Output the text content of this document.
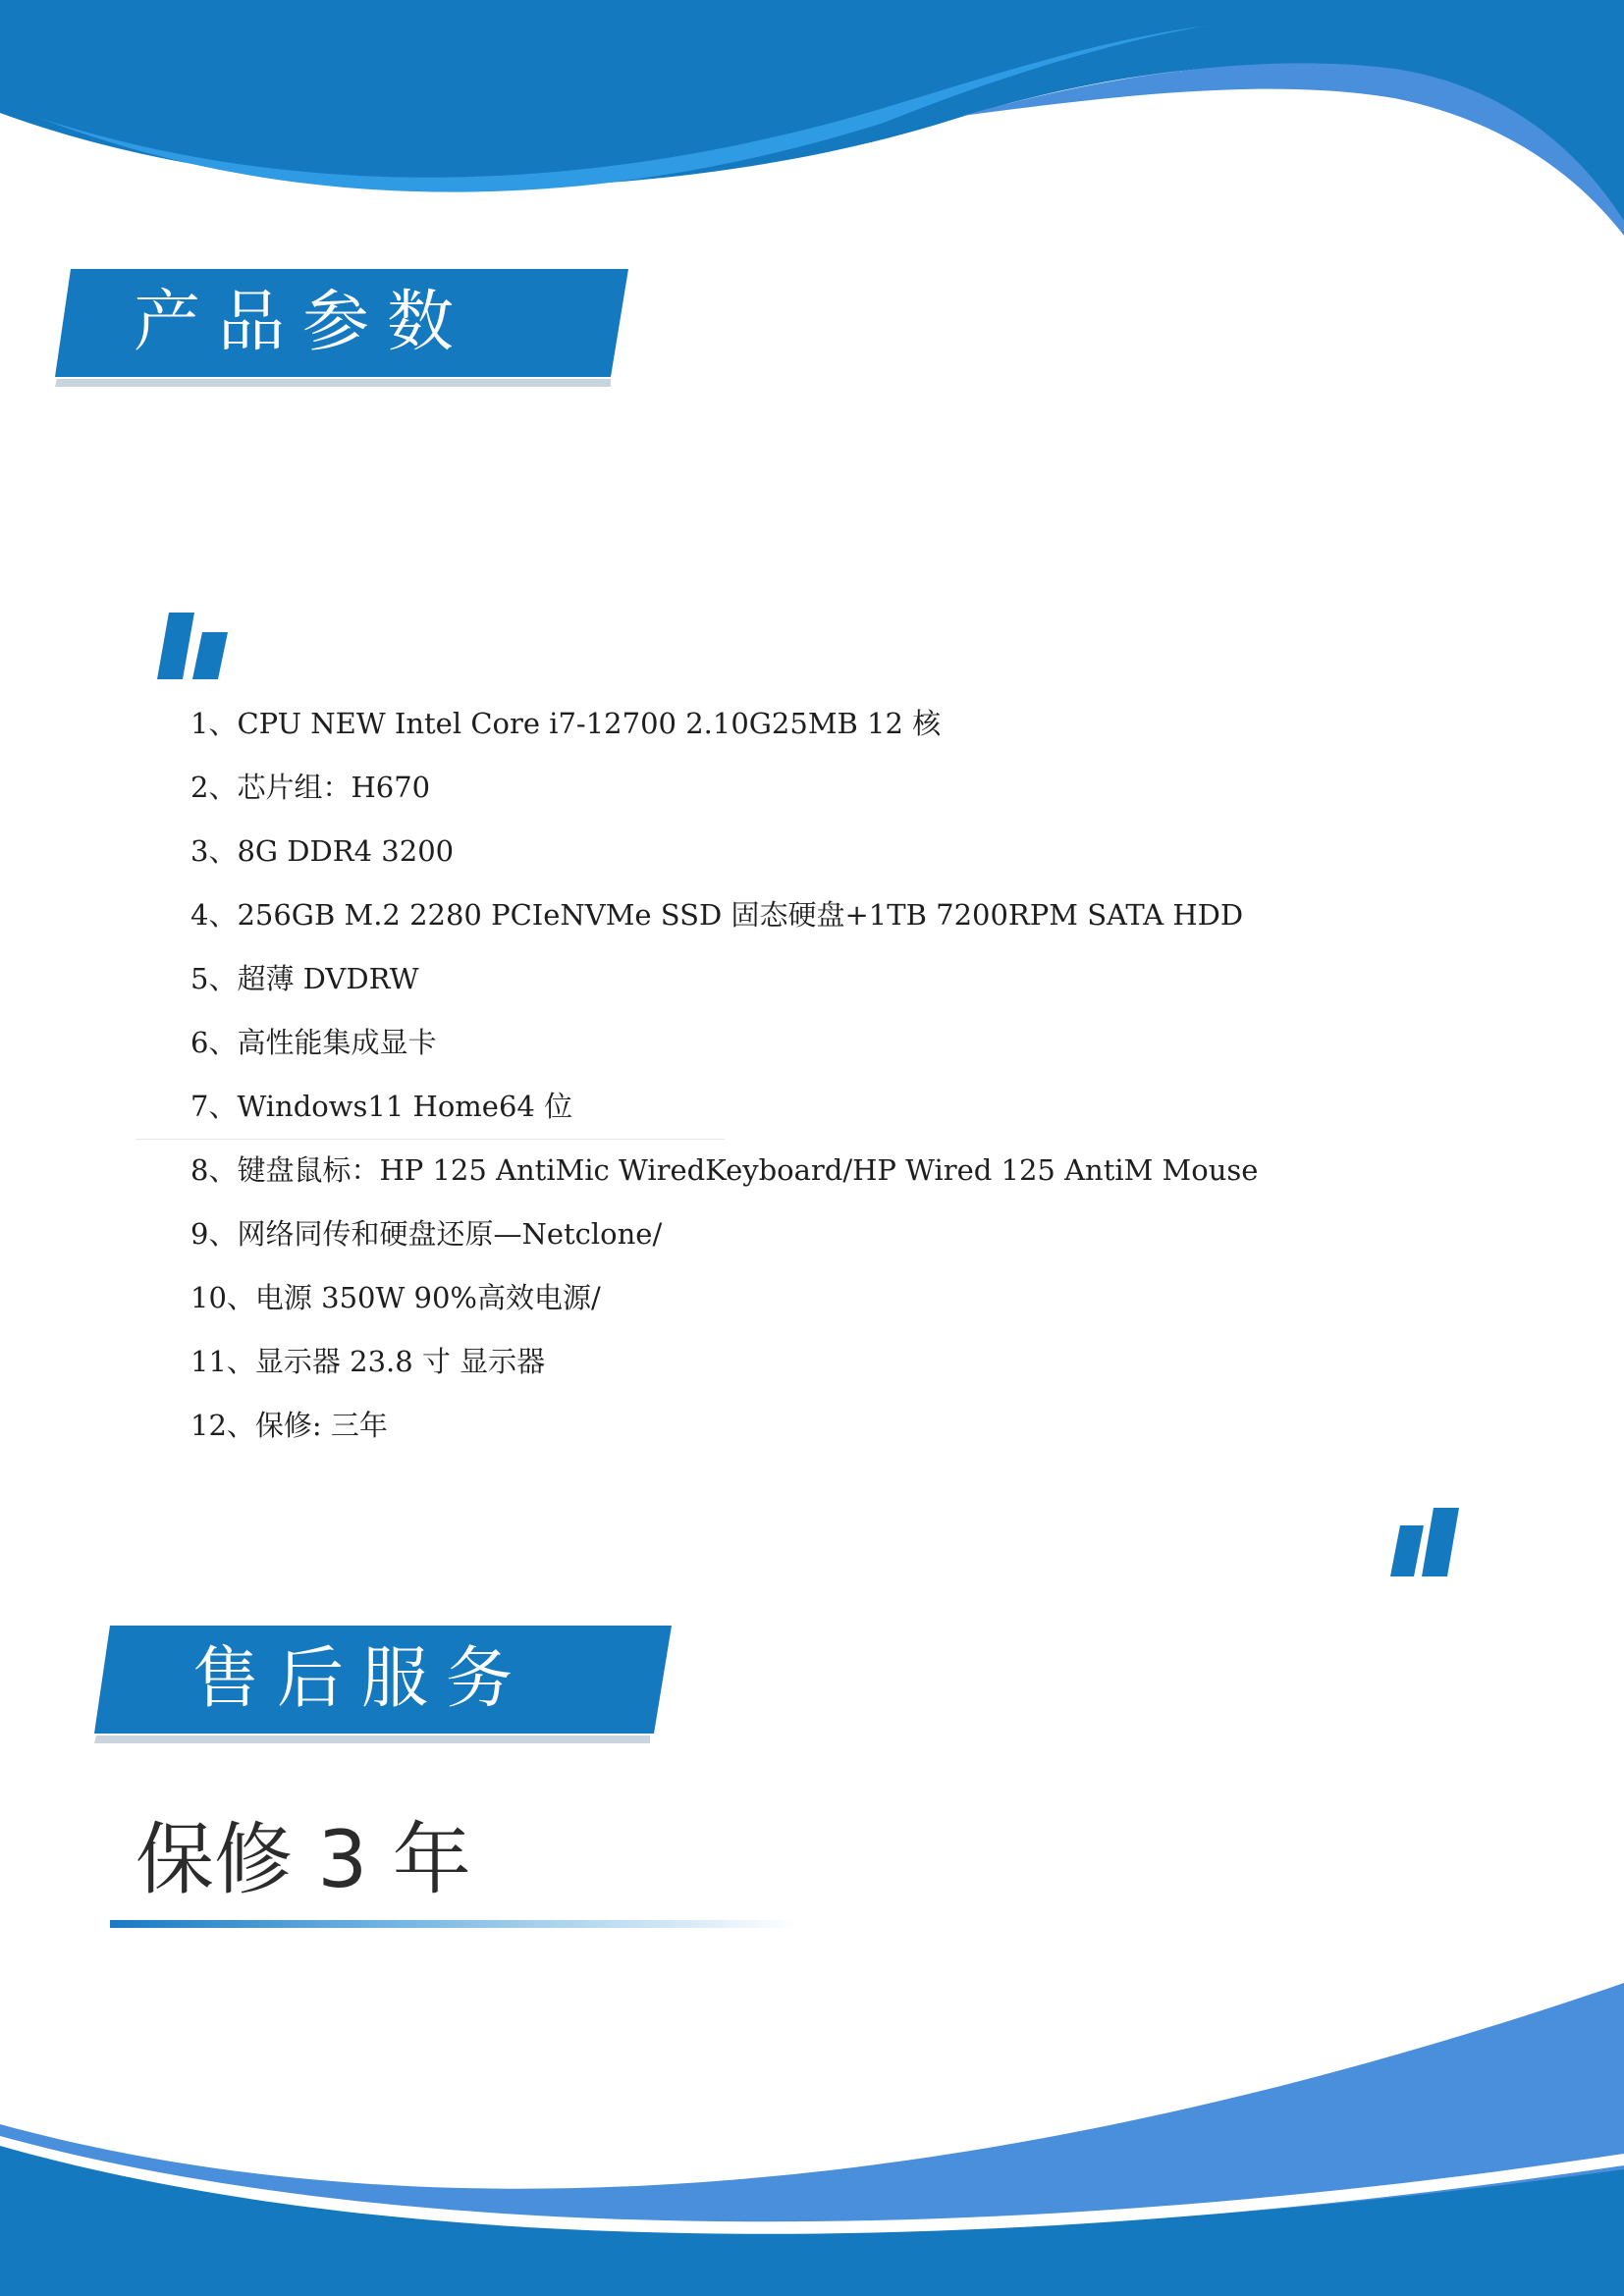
产品参数
1、CPU NEW Intel Core i7-12700 2.10G25MB 12 核
2、芯片组：H670
3、8G DDR4 3200
4、256GB M.2 2280 PCIeNVMe SSD 固态硬盘+1TB 7200RPM SATA HDD
5、超薄 DVDRW
6、高性能集成显卡
7、Windows11 Home64 位
8、键盘鼠标：HP 125 AntiMic WiredKeyboard/HP Wired 125 AntiM Mouse
9、网络同传和硬盘还原—Netclone/
10、电源 350W 90%高效电源/
11、显示器 23.8 寸 显示器
12、保修: 三年
售后服务
保修 3 年
